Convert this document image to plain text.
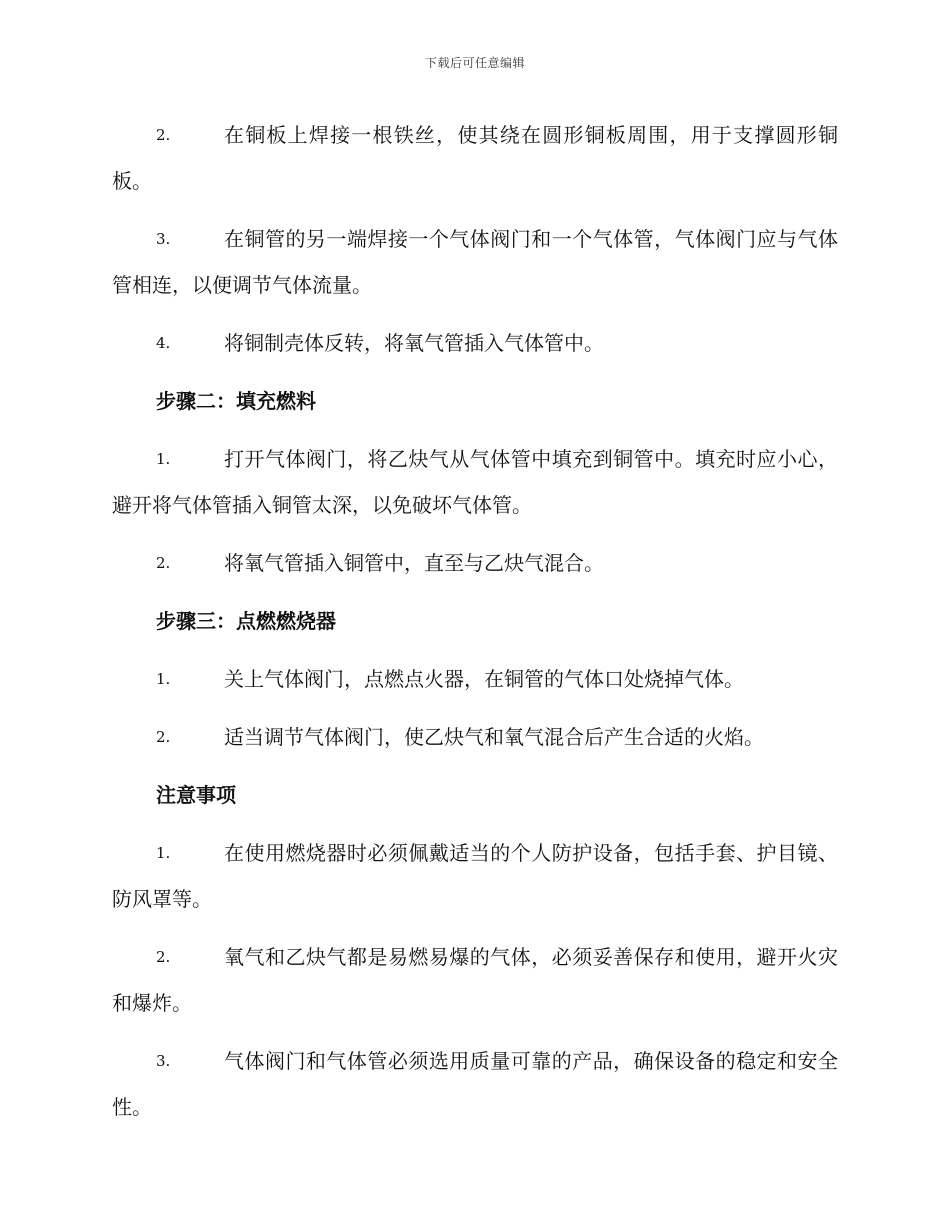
下载后可任意编辑

2.	在铜板上焊接一根铁丝，使其绕在圆形铜板周围，用于支撑圆形铜板。

3.	在铜管的另一端焊接一个气体阀门和一个气体管，气体阀门应与气体管相连，以便调节气体流量。

4.	将铜制壳体反转，将氧气管插入气体管中。

步骤二：填充燃料

1.	打开气体阀门，将乙炔气从气体管中填充到铜管中。填充时应小心，避开将气体管插入铜管太深，以免破坏气体管。

2.	将氧气管插入铜管中，直至与乙炔气混合。

步骤三：点燃燃烧器

1.	关上气体阀门，点燃点火器，在铜管的气体口处烧掉气体。

2.	适当调节气体阀门，使乙炔气和氧气混合后产生合适的火焰。

注意事项

1.	在使用燃烧器时必须佩戴适当的个人防护设备，包括手套、护目镜、防风罩等。

2.	氧气和乙炔气都是易燃易爆的气体，必须妥善保存和使用，避开火灾和爆炸。

3.	气体阀门和气体管必须选用质量可靠的产品，确保设备的稳定和安全性。
